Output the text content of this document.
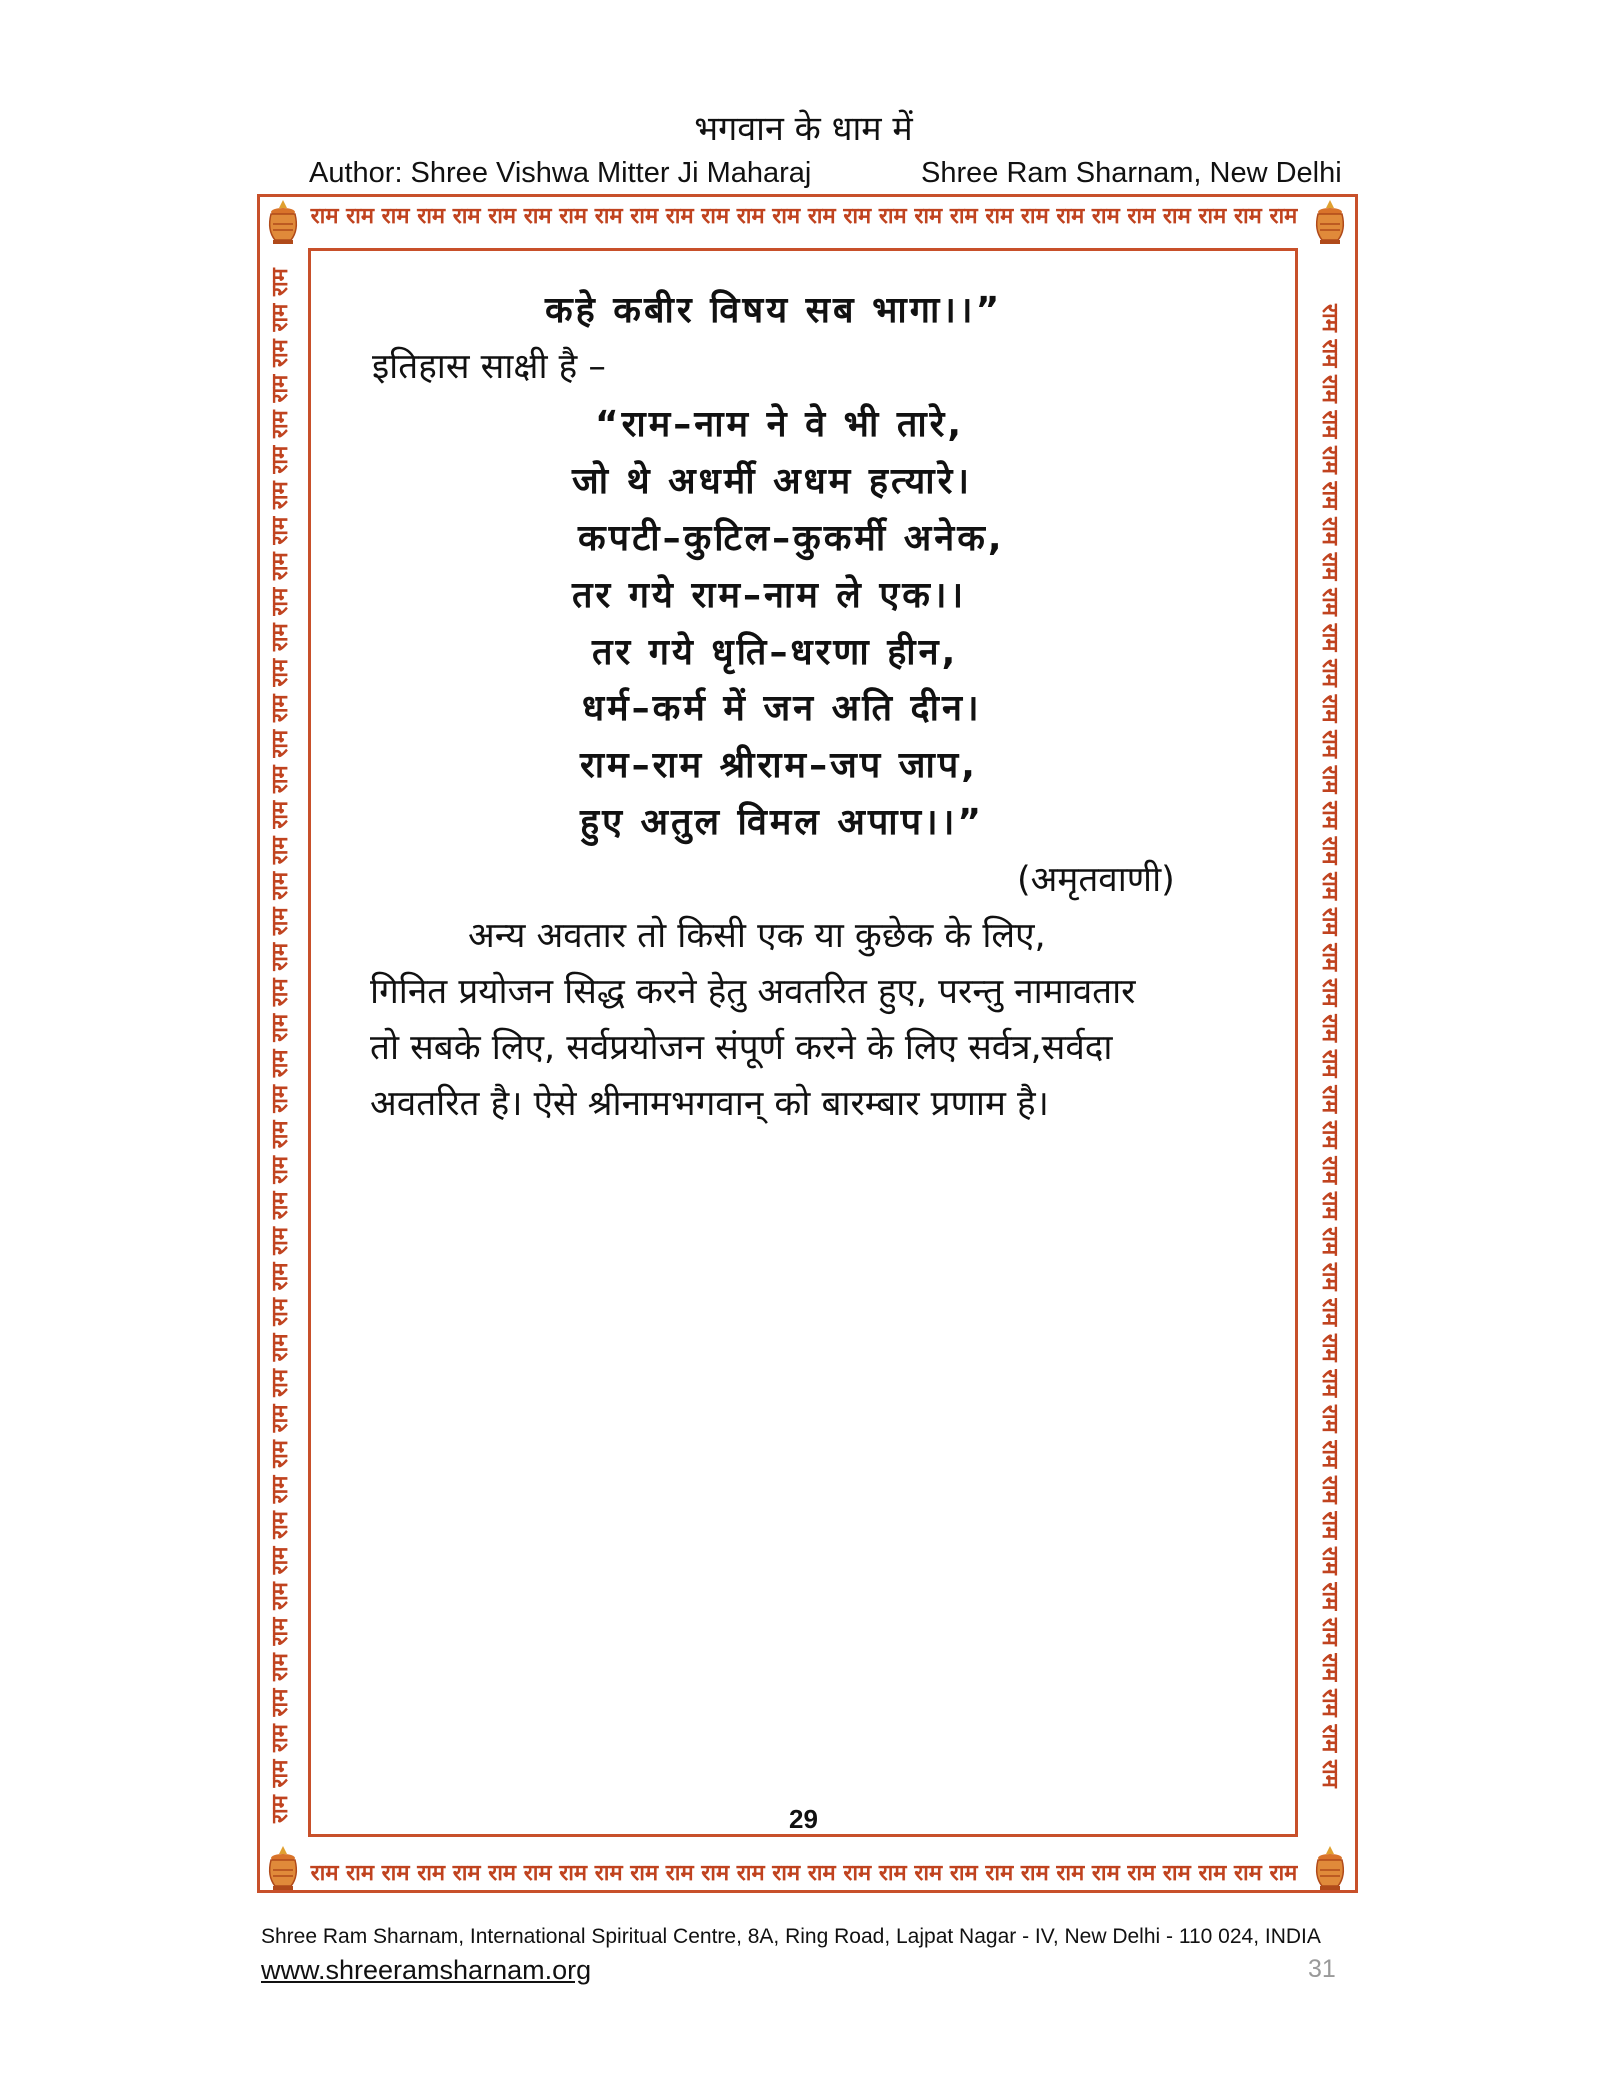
भगवान के धाम में
Author: Shree Vishwa Mitter Ji Maharaj	Shree Ram Sharnam, New Delhi
राम राम राम राम राम राम राम राम राम राम राम राम राम राम राम राम राम राम राम राम राम राम राम राम राम राम राम राम
राम राम राम राम राम राम राम राम राम राम राम राम राम राम राम राम राम राम राम राम राम राम राम राम राम राम राम राम
राम राम राम राम राम राम राम राम राम राम राम राम राम राम राम राम राम राम राम राम राम राम राम राम राम राम राम राम राम राम राम राम राम राम राम राम राम राम राम राम राम राम राम राम	राम राम राम राम राम राम राम राम राम राम राम राम राम राम राम राम राम राम राम राम राम राम राम राम राम राम राम राम राम राम राम राम राम राम राम राम राम राम राम राम राम राम
कहे कबीर विषय सब भागा।।”
इतिहास साक्षी है –
“राम–नाम ने वे भी तारे,
जो थे अधर्मी अधम हत्यारे।
कपटी–कुटिल–कुकर्मी अनेक,
तर गये राम–नाम ले एक।।
तर गये धृति–धरणा हीन,
धर्म–कर्म में जन अति दीन।
राम–राम श्रीराम–जप जाप,
हुए अतुल विमल अपाप।।”
(अमृतवाणी)
अन्य अवतार तो किसी एक या कुछेक के लिए,
गिनित प्रयोजन सिद्ध करने हेतु अवतरित हुए, परन्तु नामावतार
तो सबके लिए, सर्वप्रयोजन संपूर्ण करने के लिए सर्वत्र,सर्वदा
अवतरित है। ऐसे श्रीनामभगवान् को बारम्बार प्रणाम है।
29
Shree Ram Sharnam, International Spiritual Centre, 8A, Ring Road, Lajpat Nagar - IV, New Delhi - 110 024, INDIA
www.shreeramsharnam.org	31
